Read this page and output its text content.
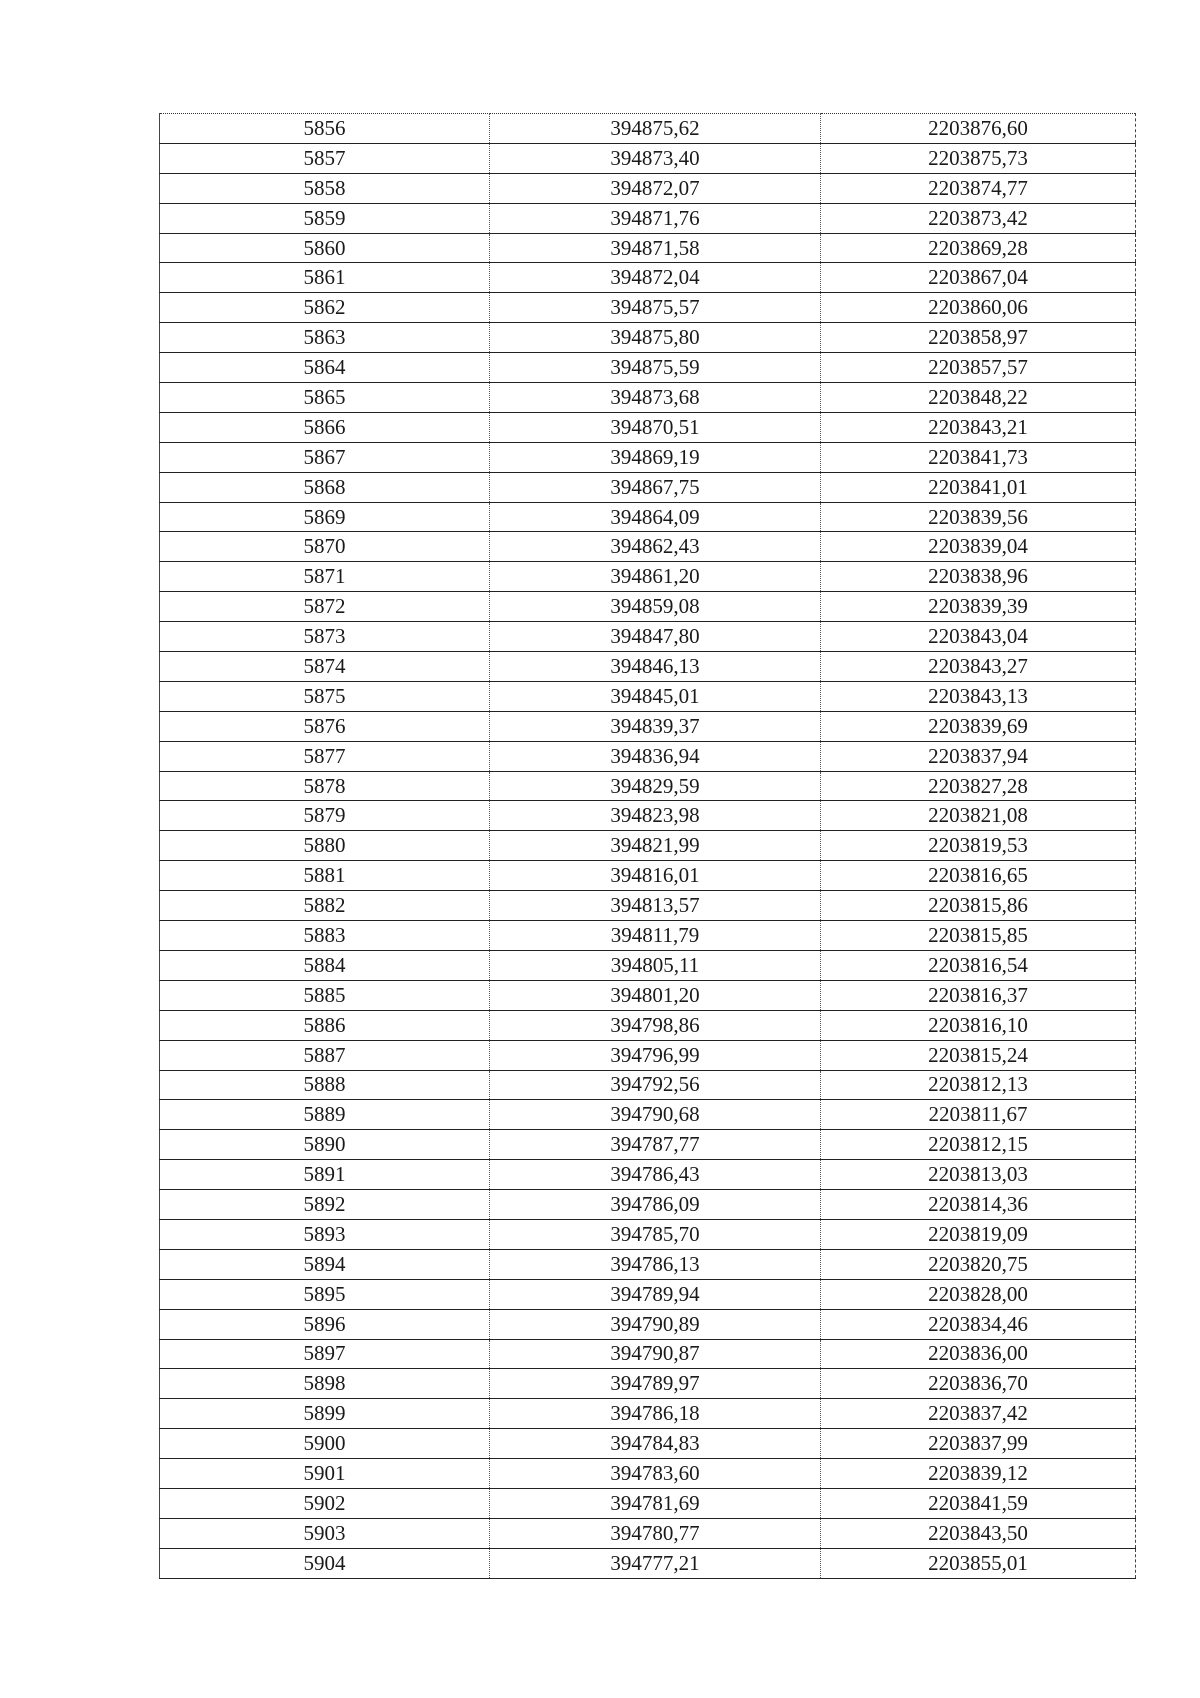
5856	394875,62	2203876,60
5857	394873,40	2203875,73
5858	394872,07	2203874,77
5859	394871,76	2203873,42
5860	394871,58	2203869,28
5861	394872,04	2203867,04
5862	394875,57	2203860,06
5863	394875,80	2203858,97
5864	394875,59	2203857,57
5865	394873,68	2203848,22
5866	394870,51	2203843,21
5867	394869,19	2203841,73
5868	394867,75	2203841,01
5869	394864,09	2203839,56
5870	394862,43	2203839,04
5871	394861,20	2203838,96
5872	394859,08	2203839,39
5873	394847,80	2203843,04
5874	394846,13	2203843,27
5875	394845,01	2203843,13
5876	394839,37	2203839,69
5877	394836,94	2203837,94
5878	394829,59	2203827,28
5879	394823,98	2203821,08
5880	394821,99	2203819,53
5881	394816,01	2203816,65
5882	394813,57	2203815,86
5883	394811,79	2203815,85
5884	394805,11	2203816,54
5885	394801,20	2203816,37
5886	394798,86	2203816,10
5887	394796,99	2203815,24
5888	394792,56	2203812,13
5889	394790,68	2203811,67
5890	394787,77	2203812,15
5891	394786,43	2203813,03
5892	394786,09	2203814,36
5893	394785,70	2203819,09
5894	394786,13	2203820,75
5895	394789,94	2203828,00
5896	394790,89	2203834,46
5897	394790,87	2203836,00
5898	394789,97	2203836,70
5899	394786,18	2203837,42
5900	394784,83	2203837,99
5901	394783,60	2203839,12
5902	394781,69	2203841,59
5903	394780,77	2203843,50
5904	394777,21	2203855,01
